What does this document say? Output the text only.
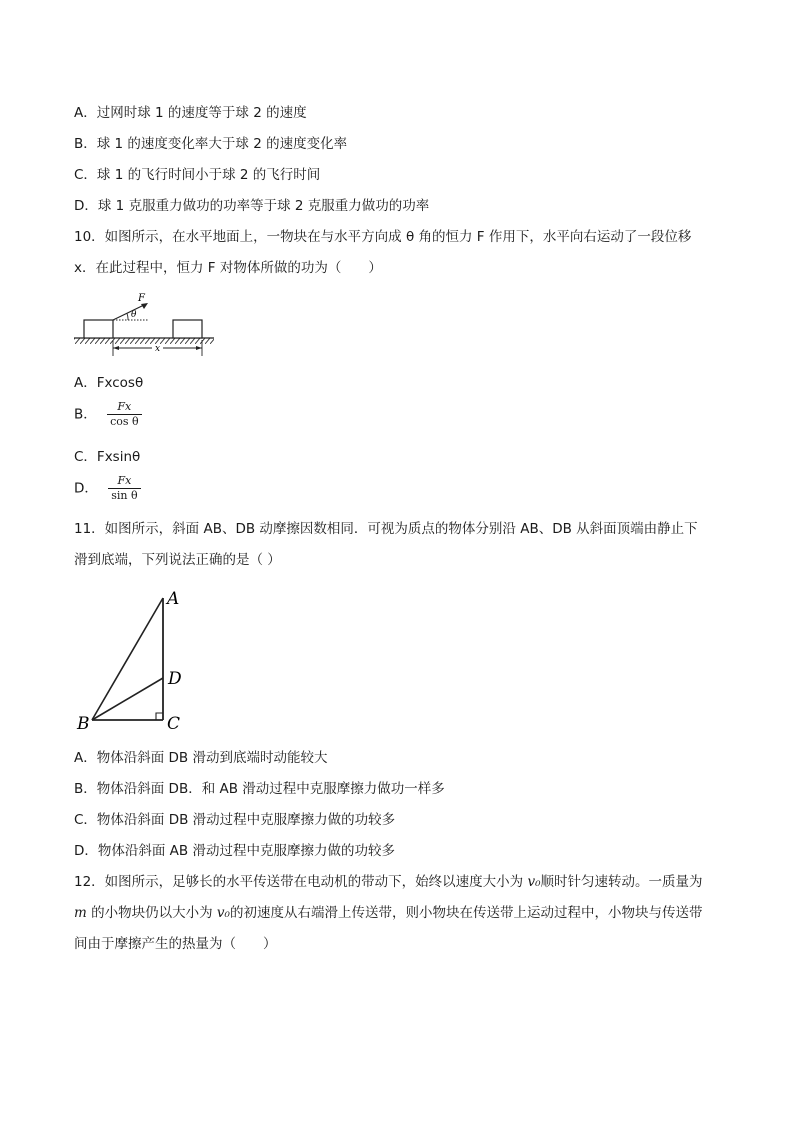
A．过网时球 1 的速度等于球 2 的速度
B．球 1 的速度变化率大于球 2 的速度变化率
C．球 1 的飞行时间小于球 2 的飞行时间
D．球 1 克服重力做功的功率等于球 2 克服重力做功的功率
10．如图所示，在水平地面上，一物块在与水平方向成 θ 角的恒力 F 作用下，水平向右运动了一段位移
x．在此过程中，恒力 F 对物体所做的功为（　　）
F
θ
x
A．Fxcosθ
B． $\frac{Fx}{\text{cos θ}}$
C．Fxsinθ
D． $\frac{Fx}{\text{sin θ}}$
11．如图所示，斜面 AB、DB 动摩擦因数相同．可视为质点的物体分别沿 AB、DB 从斜面顶端由静止下
滑到底端，下列说法正确的是（ ）
A
D
B	C
A．物体沿斜面 DB 滑动到底端时动能较大
B．物体沿斜面 DB．和 AB 滑动过程中克服摩擦力做功一样多
C．物体沿斜面 DB 滑动过程中克服摩擦力做的功较多
D．物体沿斜面 AB 滑动过程中克服摩擦力做的功较多
12．如图所示，足够长的水平传送带在电动机的带动下，始终以速度大小为 v₀顺时针匀速转动。一质量为
m 的小物块仍以大小为 v₀的初速度从右端滑上传送带，则小物块在传送带上运动过程中，小物块与传送带
间由于摩擦产生的热量为（　　）
